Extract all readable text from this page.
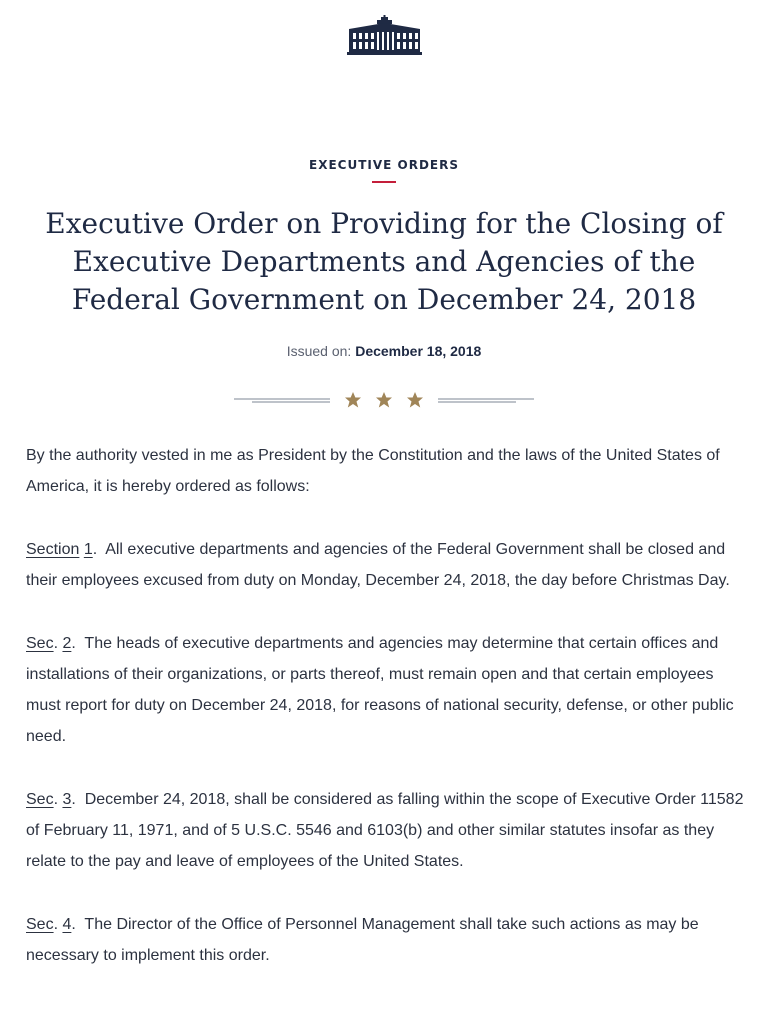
EXECUTIVE ORDERS
Executive Order on Providing for the Closing of Executive Departments and Agencies of the Federal Government on December 24, 2018
Issued on: December 18, 2018

By the authority vested in me as President by the Constitution and the laws of the United States of America, it is hereby ordered as follows:

Section 1.  All executive departments and agencies of the Federal Government shall be closed and their employees excused from duty on Monday, December 24, 2018, the day before Christmas Day.

Sec. 2.  The heads of executive departments and agencies may determine that certain offices and installations of their organizations, or parts thereof, must remain open and that certain employees must report for duty on December 24, 2018, for reasons of national security, defense, or other public need.

Sec. 3.  December 24, 2018, shall be considered as falling within the scope of Executive Order 11582 of February 11, 1971, and of 5 U.S.C. 5546 and 6103(b) and other similar statutes insofar as they relate to the pay and leave of employees of the United States.

Sec. 4.  The Director of the Office of Personnel Management shall take such actions as may be necessary to implement this order.
